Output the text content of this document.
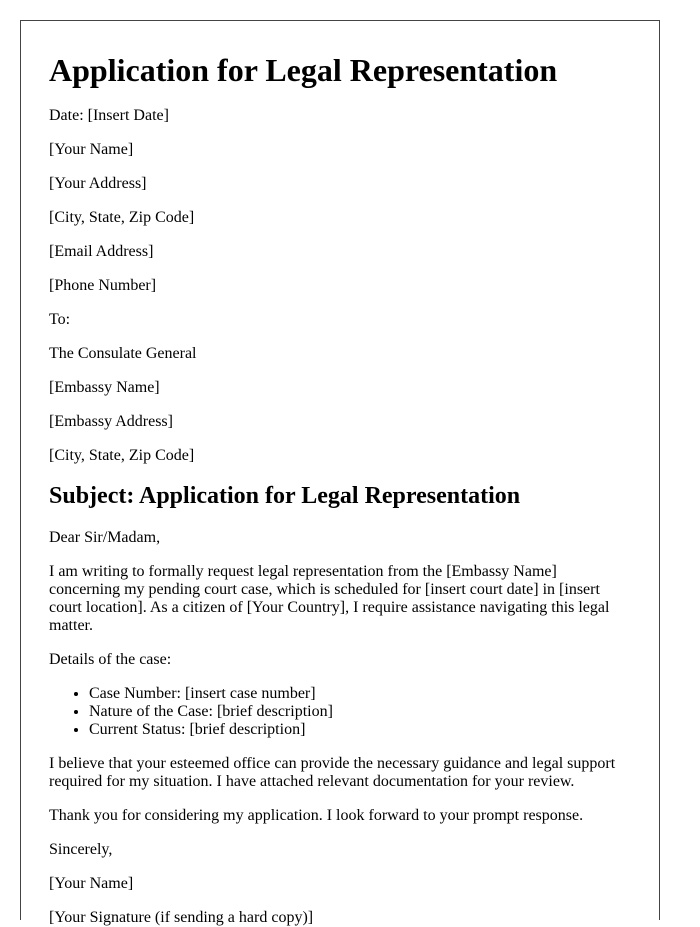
Application for Legal Representation

Date: [Insert Date]

[Your Name]

[Your Address]

[City, State, Zip Code]

[Email Address]

[Phone Number]

To:

The Consulate General

[Embassy Name]

[Embassy Address]

[City, State, Zip Code]

Subject: Application for Legal Representation

Dear Sir/Madam,

I am writing to formally request legal representation from the [Embassy Name] concerning my pending court case, which is scheduled for [insert court date] in [insert court location]. As a citizen of [Your Country], I require assistance navigating this legal matter.

Details of the case:

• Case Number: [insert case number]
• Nature of the Case: [brief description]
• Current Status: [brief description]

I believe that your esteemed office can provide the necessary guidance and legal support required for my situation. I have attached relevant documentation for your review.

Thank you for considering my application. I look forward to your prompt response.

Sincerely,

[Your Name]

[Your Signature (if sending a hard copy)]
